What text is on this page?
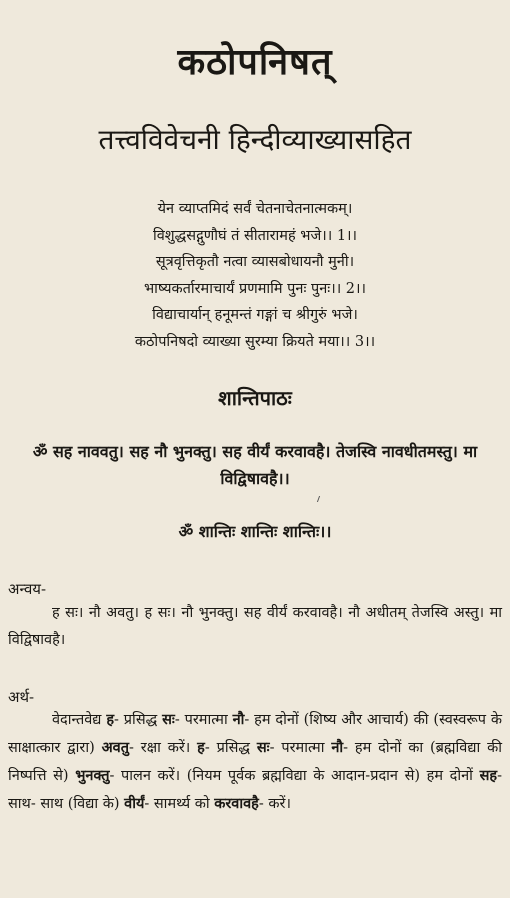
कठोपनिषत्
तत्त्वविवेचनी हिन्दीव्याख्यासहित
येन व्याप्तमिदं सर्वं चेतनाचेतनात्मकम्।
विशुद्धसद्गुणौघं तं सीतारामहं भजे।। 1।।
सूत्रवृत्तिकृतौ नत्वा व्यासबोधायनौ मुनी।
भाष्यकर्तारमाचार्यं प्रणमामि पुनः पुनः।। 2।।
विद्याचार्यान् हनूमन्तं गङ्गां च श्रीगुरुं भजे।
कठोपनिषदो व्याख्या सुरम्या क्रियते मया।। 3।।
शान्तिपाठः
ॐ सह नाववतु। सह नौ भुनक्तु। सह वीर्यं करवावहै। तेजस्वि नावधीतमस्तु। मा विद्विषावहै।।
ॐ शान्तिः शान्तिः शान्तिः।।
अन्वय-
ह सः। नौ अवतु। ह सः। नौ भुनक्तु। सह वीर्यं करवावहै। नौ अधीतम् तेजस्वि अस्तु। मा विद्विषावहै।
अर्थ-
वेदान्तवेद्य ह- प्रसिद्ध सः- परमात्मा नौ- हम दोनों (शिष्य और आचार्य) की (स्वस्वरूप के साक्षात्कार द्वारा) अवतु- रक्षा करें। ह- प्रसिद्ध सः- परमात्मा नौ- हम दोनों का (ब्रह्मविद्या की निष्पत्ति से) भुनक्तु- पालन करें। (नियम पूर्वक ब्रह्मविद्या के आदान-प्रदान से) हम दोनों सह- साथ- साथ (विद्या के) वीर्यं- सामर्थ्य को करवावहै- करें।
